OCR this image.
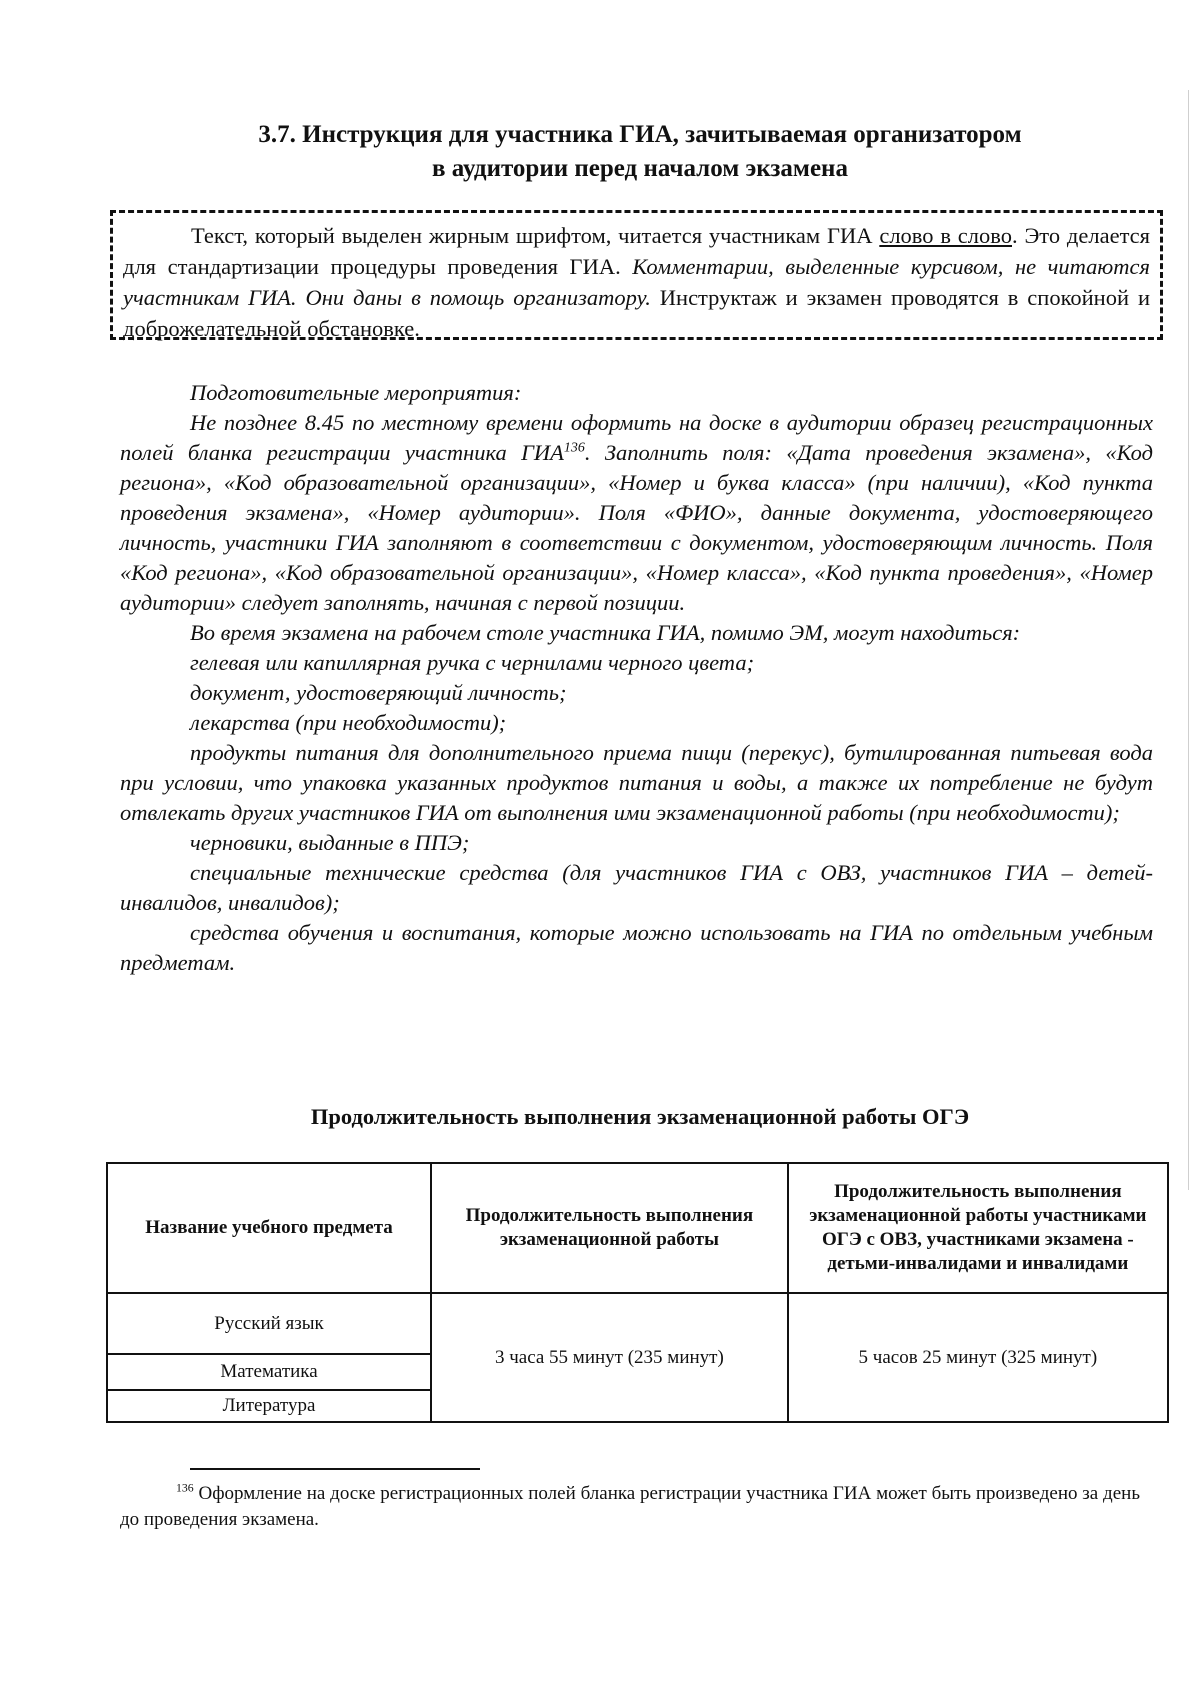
3.7. Инструкция для участника ГИА, зачитываемая организатором
в аудитории перед началом экзамена

Текст, который выделен жирным шрифтом, читается участникам ГИА слово в слово. Это делается для стандартизации процедуры проведения ГИА. Комментарии, выделенные курсивом, не читаются участникам ГИА. Они даны в помощь организатору. Инструктаж и экзамен проводятся в спокойной и доброжелательной обстановке.

Подготовительные мероприятия:

Не позднее 8.45 по местному времени оформить на доске в аудитории образец регистрационных полей бланка регистрации участника ГИА$^{136}$. Заполнить поля: «Дата проведения экзамена», «Код региона», «Код образовательной организации», «Номер и буква класса» (при наличии), «Код пункта проведения экзамена», «Номер аудитории». Поля «ФИО», данные документа, удостоверяющего личность, участники ГИА заполняют в соответствии с документом, удостоверяющим личность. Поля «Код региона», «Код образовательной организации», «Номер класса», «Код пункта проведения», «Номер аудитории» следует заполнять, начиная с первой позиции.

Во время экзамена на рабочем столе участника ГИА, помимо ЭМ, могут находиться:

гелевая или капиллярная ручка с чернилами черного цвета;

документ, удостоверяющий личность;

лекарства (при необходимости);

продукты питания для дополнительного приема пищи (перекус), бутилированная питьевая вода при условии, что упаковка указанных продуктов питания и воды, а также их потребление не будут отвлекать других участников ГИА от выполнения ими экзаменационной работы (при необходимости);

черновики, выданные в ППЭ;

специальные технические средства (для участников ГИА с ОВЗ, участников ГИА – детей-инвалидов, инвалидов);

средства обучения и воспитания, которые можно использовать на ГИА по отдельным учебным предметам.

Продолжительность выполнения экзаменационной работы ОГЭ
Название учебного предмета	Продолжительность выполнения экзаменационной работы	Продолжительность выполнения экзаменационной работы участниками ОГЭ с ОВЗ, участниками экзамена - детьми-инвалидами и инвалидами
Русский язык	3 часа 55 минут (235 минут)	5 часов 25 минут (325 минут)
Математика		
Литература		

$^{136}$ Оформление на доске регистрационных полей бланка регистрации участника ГИА может быть произведено за день до проведения экзамена.
